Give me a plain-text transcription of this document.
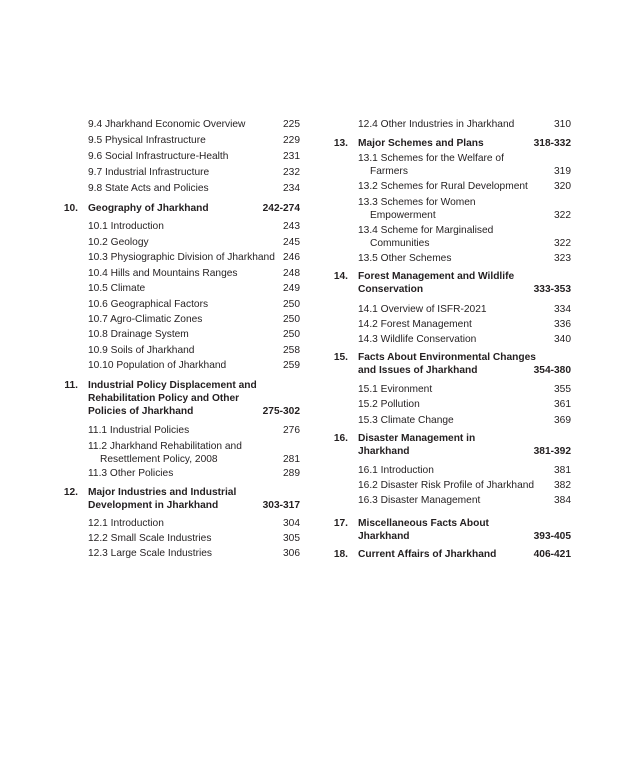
9.4 Jharkhand Economic Overview	225
9.5 Physical Infrastructure	229
9.6 Social Infrastructure-Health	231
9.7 Industrial Infrastructure	232
9.8 State Acts and Policies	234
10. Geography of Jharkhand	242-274
10.1 Introduction	243
10.2 Geology	245
10.3 Physiographic Division of Jharkhand 246
10.4 Hills and Mountains Ranges	248
10.5 Climate	249
10.6 Geographical Factors	250
10.7 Agro-Climatic Zones	250
10.8 Drainage System	250
10.9 Soils of Jharkhand	258
10.10 Population of Jharkhand	259
11. Industrial Policy Displacement and
Rehabilitation Policy and Other
Policies of Jharkhand	275-302
11.1 Industrial Policies	276
11.2 Jharkhand Rehabilitation and
Resettlement Policy, 2008	281
11.3 Other Policies	289
12. Major Industries and Industrial
Development in Jharkhand	303-317
12.1 Introduction	304
12.2 Small Scale Industries	305
12.3 Large Scale Industries	306
12.4 Other Industries in Jharkhand	310
13. Major Schemes and Plans	318-332
13.1 Schemes for the Welfare of
Farmers	319
13.2 Schemes for Rural Development	320
13.3 Schemes for Women
Empowerment	322
13.4 Scheme for Marginalised
Communities	322
13.5 Other Schemes	323
14. Forest Management and Wildlife
Conservation	333-353
14.1 Overview of ISFR-2021	334
14.2 Forest Management	336
14.3 Wildlife Conservation	340
15. Facts About Environmental Changes
and Issues of Jharkhand	354-380
15.1 Evironment	355
15.2 Pollution	361
15.3 Climate Change	369
16. Disaster Management in
Jharkhand	381-392
16.1 Introduction	381
16.2 Disaster Risk Profile of Jharkhand 382
16.3 Disaster Management	384
17. Miscellaneous Facts About
Jharkhand	393-405
18. Current Affairs of Jharkhand	406-421
